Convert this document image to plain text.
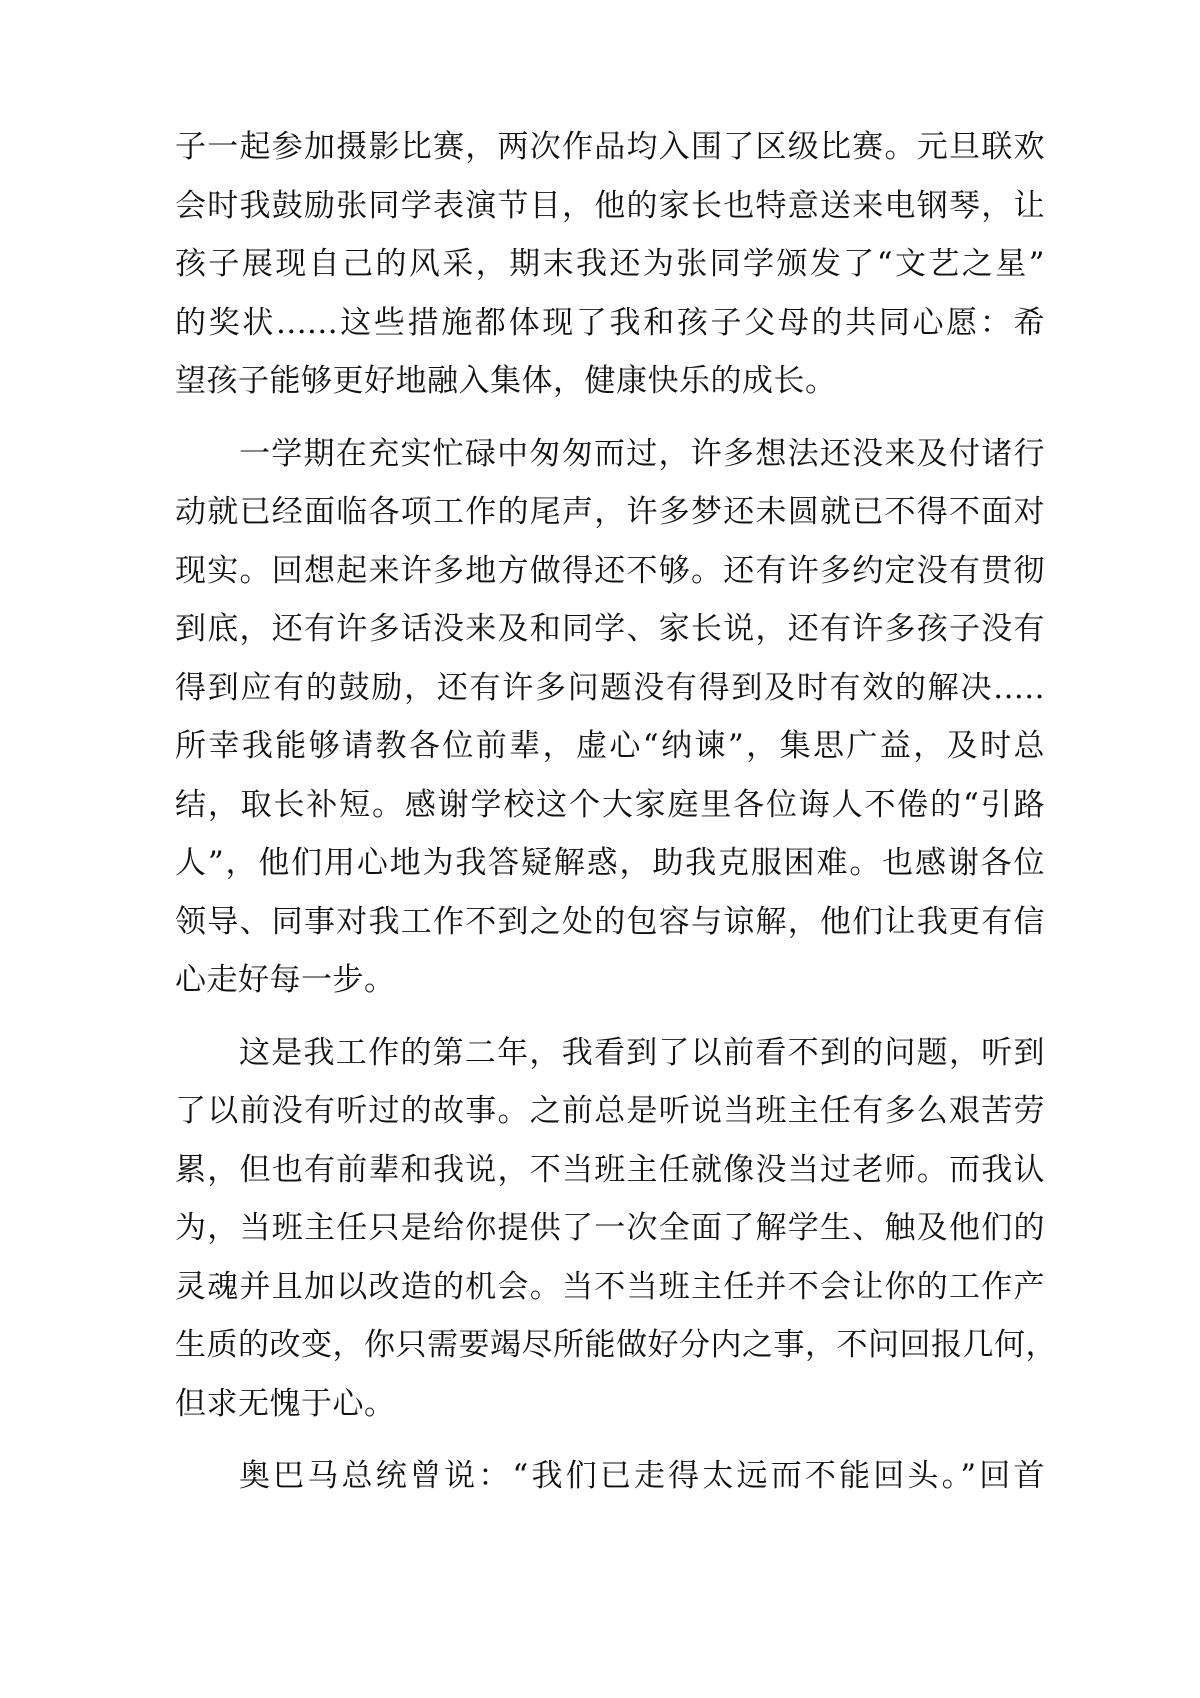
子一起参加摄影比赛，两次作品均入围了区级比赛。元旦联欢
会时我鼓励张同学表演节目，他的家长也特意送来电钢琴，让
孩子展现自己的风采，期末我还为张同学颁发了“文艺之星”
的奖状......这些措施都体现了我和孩子父母的共同心愿：希
望孩子能够更好地融入集体，健康快乐的成长。
一学期在充实忙碌中匆匆而过，许多想法还没来及付诸行
动就已经面临各项工作的尾声，许多梦还未圆就已不得不面对
现实。回想起来许多地方做得还不够。还有许多约定没有贯彻
到底，还有许多话没来及和同学、家长说，还有许多孩子没有
得到应有的鼓励，还有许多问题没有得到及时有效的解决.....
所幸我能够请教各位前辈，虚心“纳谏”，集思广益，及时总
结，取长补短。感谢学校这个大家庭里各位诲人不倦的“引路
人”，他们用心地为我答疑解惑，助我克服困难。也感谢各位
领导、同事对我工作不到之处的包容与谅解，他们让我更有信
心走好每一步。
这是我工作的第二年，我看到了以前看不到的问题，听到
了以前没有听过的故事。之前总是听说当班主任有多么艰苦劳
累，但也有前辈和我说，不当班主任就像没当过老师。而我认
为，当班主任只是给你提供了一次全面了解学生、触及他们的
灵魂并且加以改造的机会。当不当班主任并不会让你的工作产
生质的改变，你只需要竭尽所能做好分内之事，不问回报几何，
但求无愧于心。
奥巴马总统曾说：“我们已走得太远而不能回头。”回首
